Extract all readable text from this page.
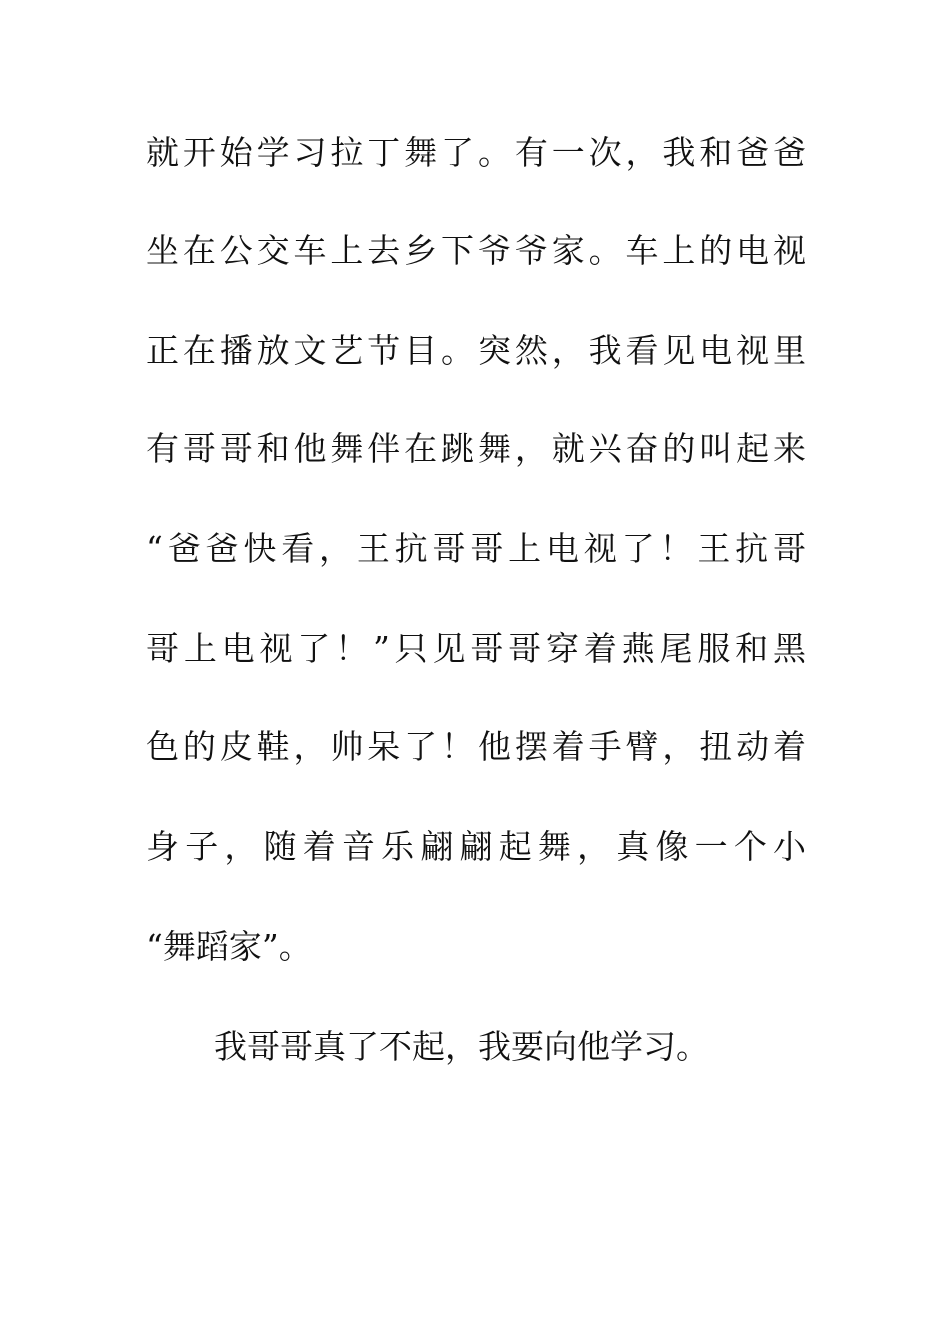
就开始学习拉丁舞了。有一次，我和爸爸
坐在公交车上去乡下爷爷家。车上的电视
正在播放文艺节目。突然，我看见电视里
有哥哥和他舞伴在跳舞，就兴奋的叫起来
“爸爸快看，王抗哥哥上电视了！王抗哥
哥上电视了！”只见哥哥穿着燕尾服和黑
色的皮鞋，帅呆了！他摆着手臂，扭动着
身子，随着音乐翩翩起舞，真像一个小
“舞蹈家”。
我哥哥真了不起，我要向他学习。
